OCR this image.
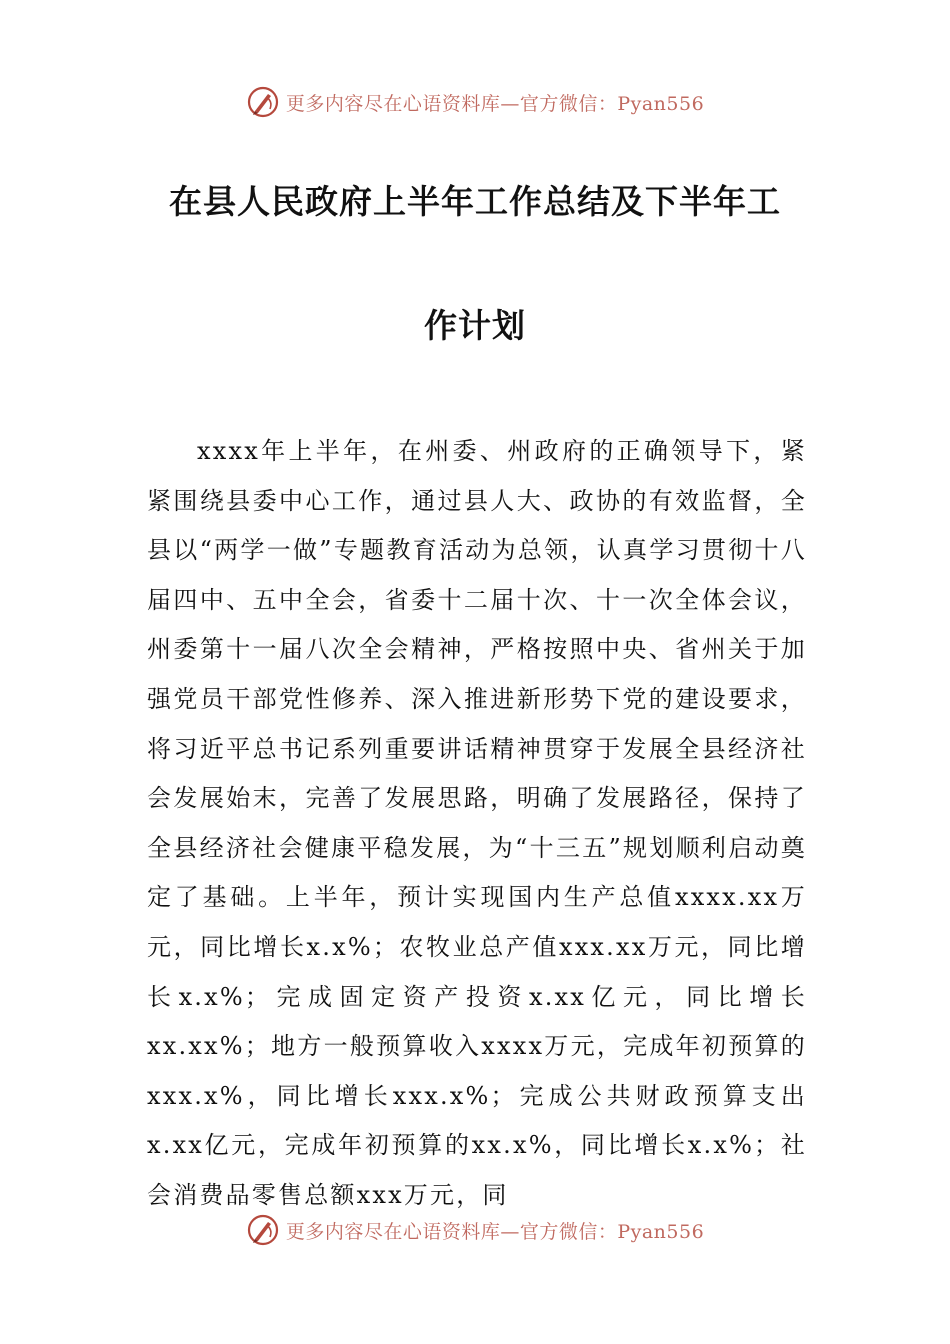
更多内容尽在心语资料库—官方微信：Pyan556
在县人民政府上半年工作总结及下半年工
作计划
xxxx年上半年，在州委、州政府的正确领导下，紧紧围绕县委中心工作，通过县人大、政协的有效监督，全县以“两学一做”专题教育活动为总领，认真学习贯彻十八届四中、五中全会，省委十二届十次、十一次全体会议，州委第十一届八次全会精神，严格按照中央、省州关于加强党员干部党性修养、深入推进新形势下党的建设要求，将习近平总书记系列重要讲话精神贯穿于发展全县经济社会发展始末，完善了发展思路，明确了发展路径，保持了全县经济社会健康平稳发展，为“十三五”规划顺利启动奠定了基础。上半年，预计实现国内生产总值xxxx.xx万元，同比增长x.x%；农牧业总产值xxx.xx万元，同比增长x.x%；完成固定资产投资x.xx亿元，同比增长xx.xx%；地方一般预算收入xxxx万元，完成年初预算的xxx.x%，同比增长xxx.x%；完成公共财政预算支出x.xx亿元，完成年初预算的xx.x%，同比增长x.x%；社会消费品零售总额xxx万元，同
更多内容尽在心语资料库—官方微信：Pyan556
